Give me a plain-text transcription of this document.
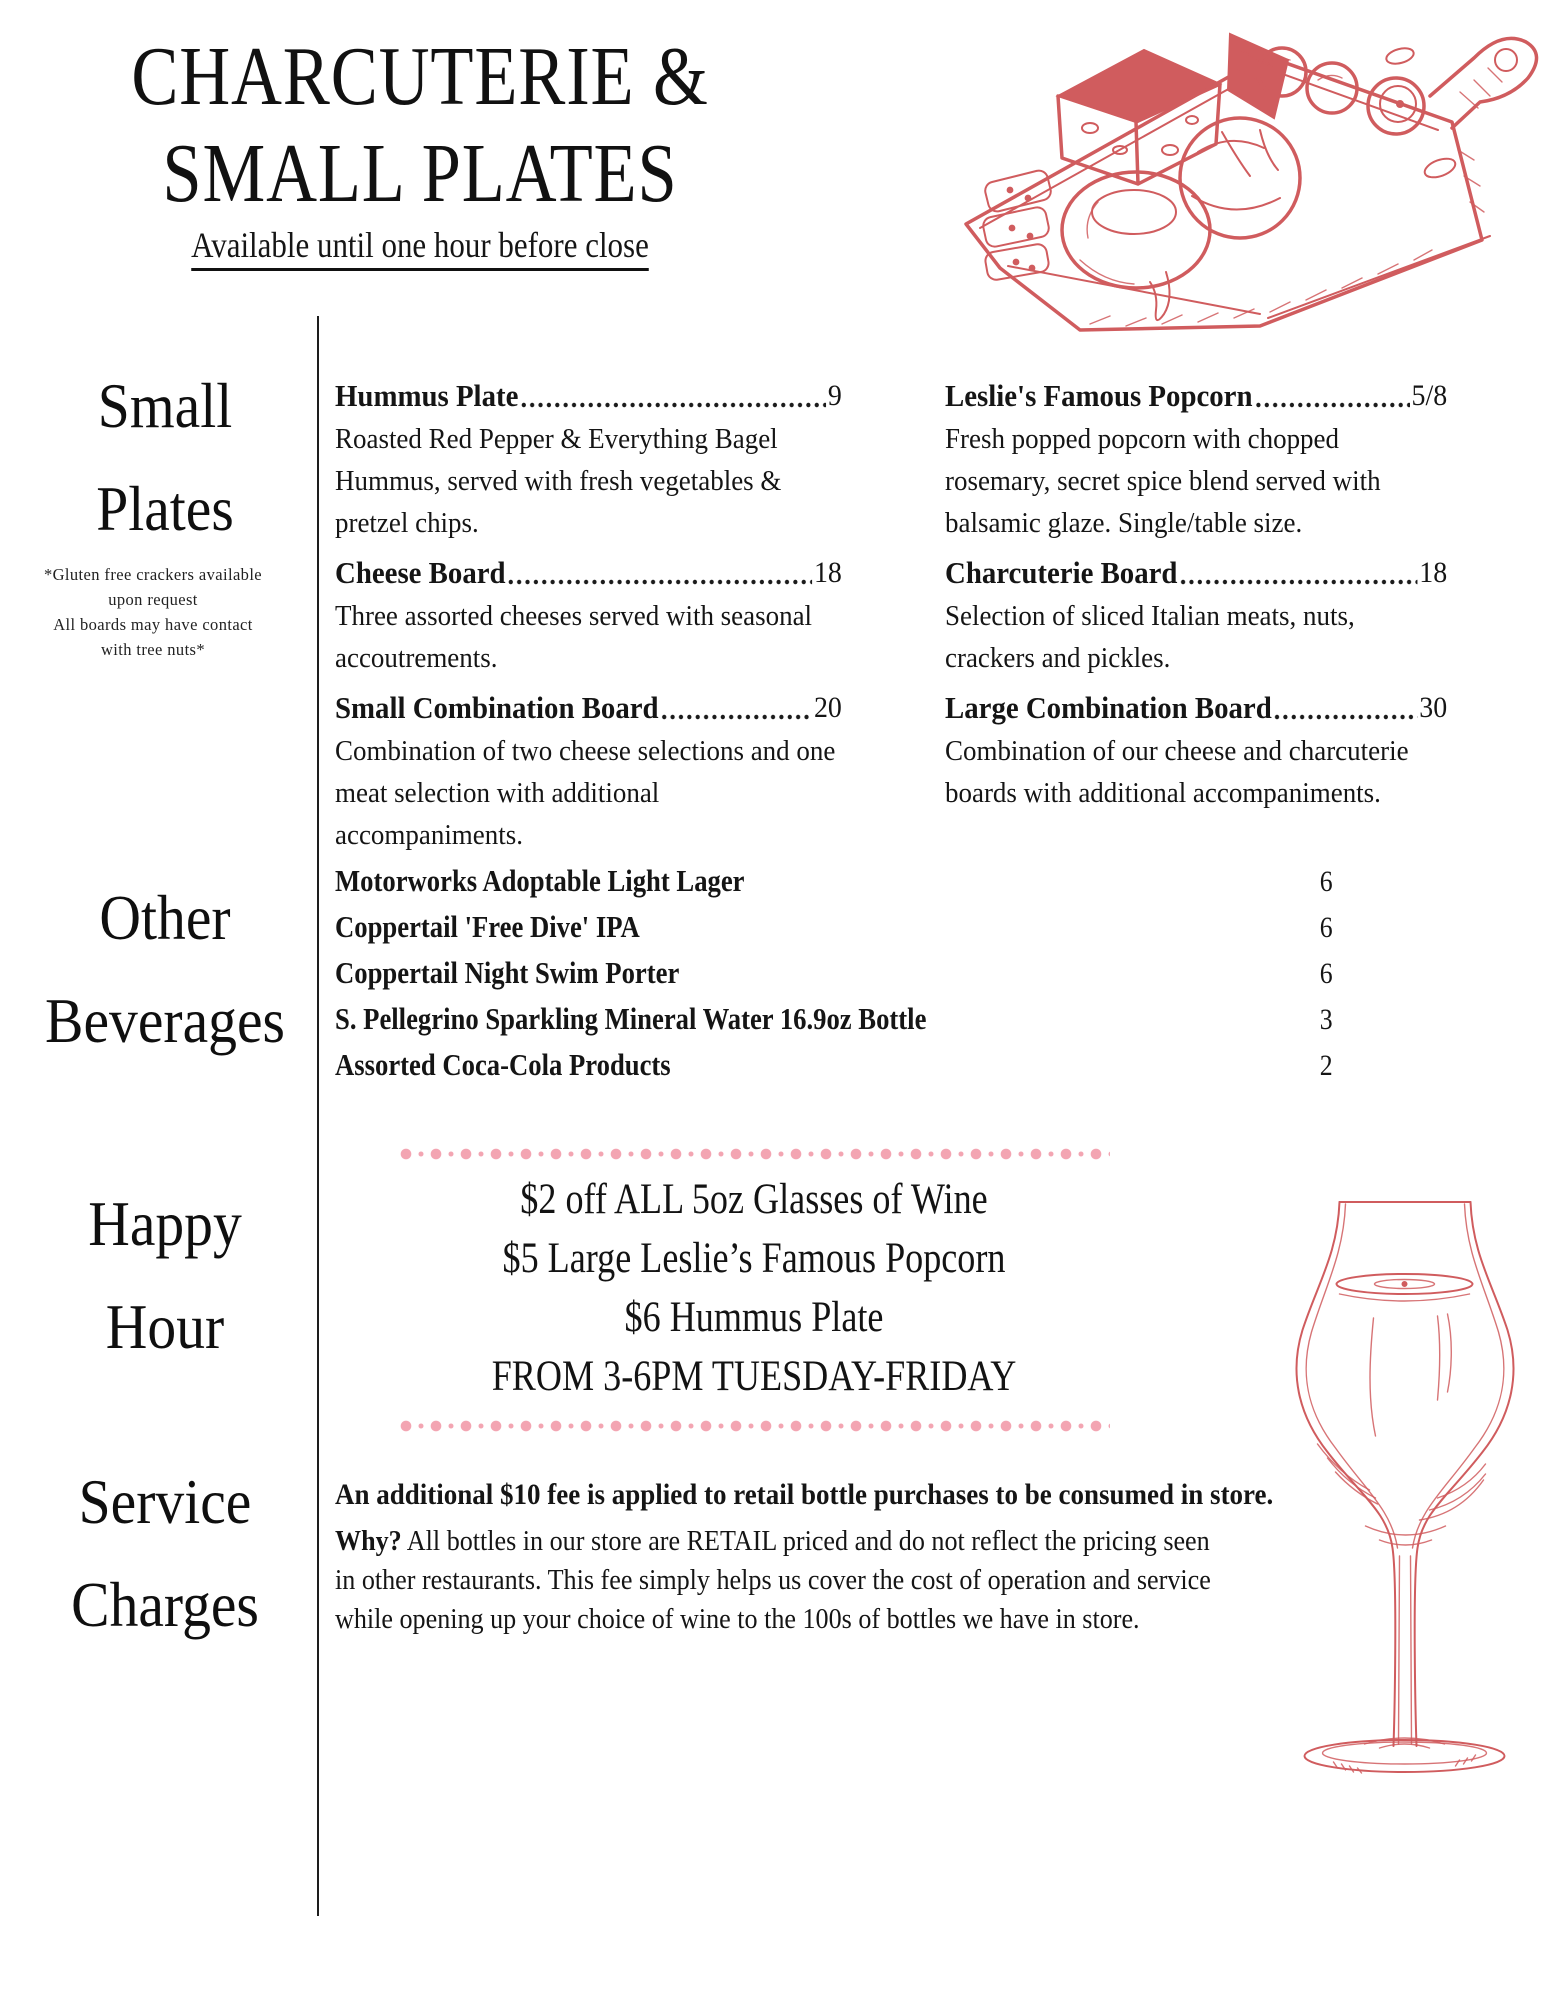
CHARCUTERIE &
SMALL PLATES
Available until one hour before close
Small
Plates
*Gluten free crackers available
upon request
All boards may have contact
with tree nuts*
Other
Beverages
Happy
Hour
Service
Charges
Hummus Plate	9

Roasted Red Pepper & Everything Bagel Hummus, served with fresh vegetables & pretzel chips.

Cheese Board	18

Three assorted cheeses served with seasonal accoutrements.

Small Combination Board	20

Combination of two cheese selections and one meat selection with additional accompaniments.

Leslie's Famous Popcorn	5/8

Fresh popped popcorn with chopped rosemary, secret spice blend served with balsamic glaze. Single/table size.

Charcuterie Board	18

Selection of sliced Italian meats, nuts, crackers and pickles.

Large Combination Board	30

Combination of our cheese and charcuterie boards with additional accompaniments.

Motorworks Adoptable Light Lager	6
Coppertail 'Free Dive' IPA	6
Coppertail Night Swim Porter	6
S. Pellegrino Sparkling Mineral Water 16.9oz Bottle	3
Assorted Coca-Cola Products	2
$2 off ALL 5oz Glasses of Wine
$5 Large Leslie’s Famous Popcorn
$6 Hummus Plate
FROM 3-6PM TUESDAY-FRIDAY

An additional $10 fee is applied to retail bottle purchases to be consumed in store.

Why? All bottles in our store are RETAIL priced and do not reflect the pricing seen in other restaurants. This fee simply helps us cover the cost of operation and service while opening up your choice of wine to the 100s of bottles we have in store.
